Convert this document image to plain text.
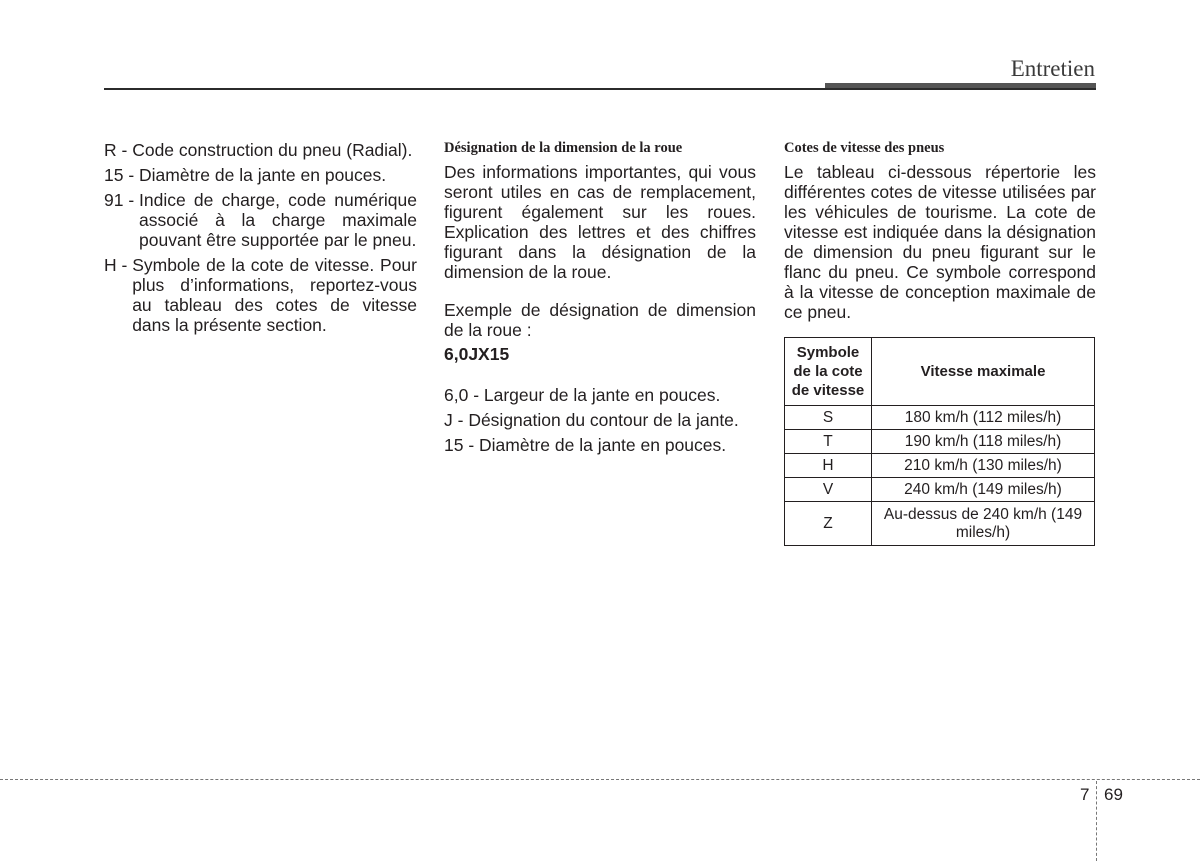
Entretien
R - Code construction du pneu (Radial).
15 - Diamètre de la jante en pouces.
91 - Indice de charge, code numérique associé à la charge maximale pouvant être supportée par le pneu.
H - Symbole de la cote de vitesse. Pour plus d’informations, reportez-vous au tableau des cotes de vitesse dans la présente section.
Désignation de la dimension de la roue

Des informations importantes, qui vous seront utiles en cas de remplacement, figurent également sur les roues. Explication des lettres et des chiffres figurant dans la désignation de la dimension de la roue.

Exemple de désignation de dimension de la roue :

6,0JX15

6,0 - Largeur de la jante en pouces.
J - Désignation du contour de la jante.
15 - Diamètre de la jante en pouces.
Cotes de vitesse des pneus

Le tableau ci-dessous répertorie les différentes cotes de vitesse utilisées par les véhicules de tourisme. La cote de vitesse est indiquée dans la désignation de dimension du pneu figurant sur le flanc du pneu. Ce symbole correspond à la vitesse de conception maximale de ce pneu.

Symbole de la cote de vitesse	Vitesse maximale
S	180 km/h (112 miles/h)
T	190 km/h (118 miles/h)
H	210 km/h (130 miles/h)
V	240 km/h (149 miles/h)
Z	Au-dessus de 240 km/h (149 miles/h)
7 69
